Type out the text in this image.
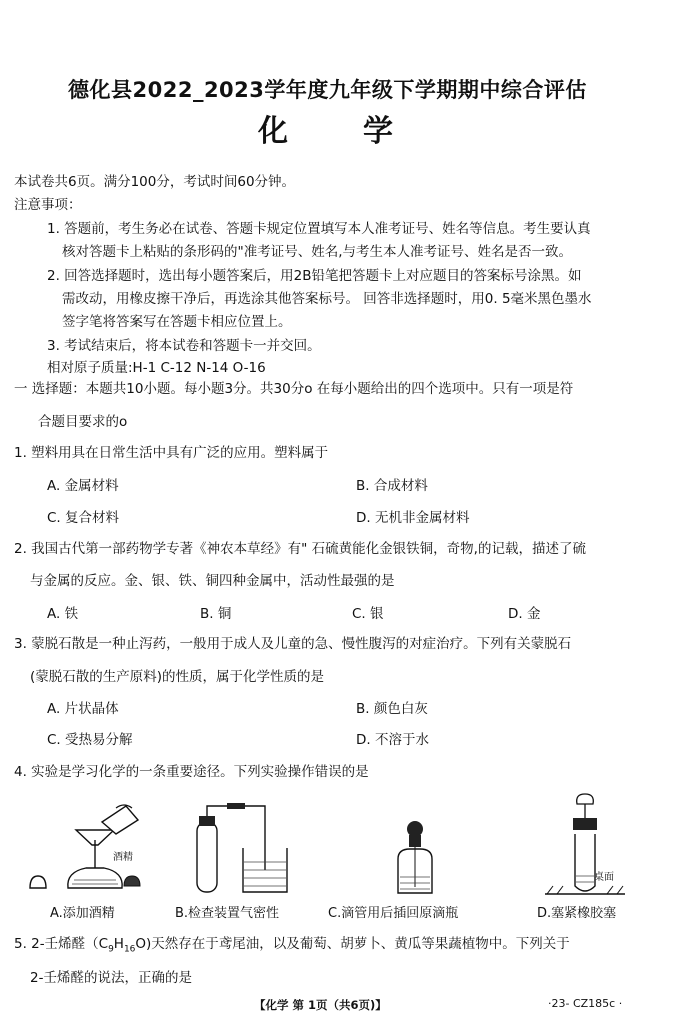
德化县2022_2023学年度九年级下学期期中综合评估
化 学
本试卷共6页。满分100分，考试时间60分钟。
注意事项：
1. 答题前，考生务必在试卷、答题卡规定位置填写本人准考证号、姓名等信息。考生要认真
核对答题卡上粘贴的条形码的"准考证号、姓名,与考生本人准考证号、姓名是否一致。
2. 回答选择题时，选出每小题答案后，用2B铅笔把答题卡上对应题目的答案标号涂黑。如
需改动，用橡皮擦干净后，再选涂其他答案标号。 回答非选择题时，用0. 5毫米黑色墨水
签字笔将答案写在答题卡相应位置上。
3. 考试结束后，将本试卷和答题卡一并交回。
相对原子质量:H-1 C-12 N-14 O-16
一 选择题：本题共10小题。每小题3分。共30分o 在每小题给出的四个选项中。只有一项是符
合题目要求的o
1. 塑料用具在日常生活中具有广泛的应用。塑料属于
A. 金属材料	B. 合成材料
C. 复合材料	D. 无机非金属材料
2. 我国古代第一部药物学专著《神农本草经》有" 石硫黄能化金银铁铜，奇物,的记载，描述了硫
与金属的反应。金、银、铁、铜四种金属中，活动性最强的是
A. 铁	B. 铜	C. 银	D. 金
3. 蒙脱石散是一种止泻药，一般用于成人及儿童的急、慢性腹泻的对症治疗。下列有关蒙脱石
(蒙脱石散的生产原料)的性质，属于化学性质的是
A. 片状晶体	B. 颜色白灰
C. 受热易分解	D. 不溶于水
4. 实验是学习化学的一条重要途径。下列实验操作错误的是
酒精
桌面
A.添加酒精	B.检查装置气密性	C.滴管用后插回原滴瓶	D.塞紧橡胶塞
5. 2-壬烯醛$(C_9H_{16}O)$天然存在于鸢尾油，以及葡萄、胡萝卜、黄瓜等果蔬植物中。下列关于
2-壬烯醛的说法，正确的是
【化学 第 1页（共6页)】	·23- CZ185c ·
